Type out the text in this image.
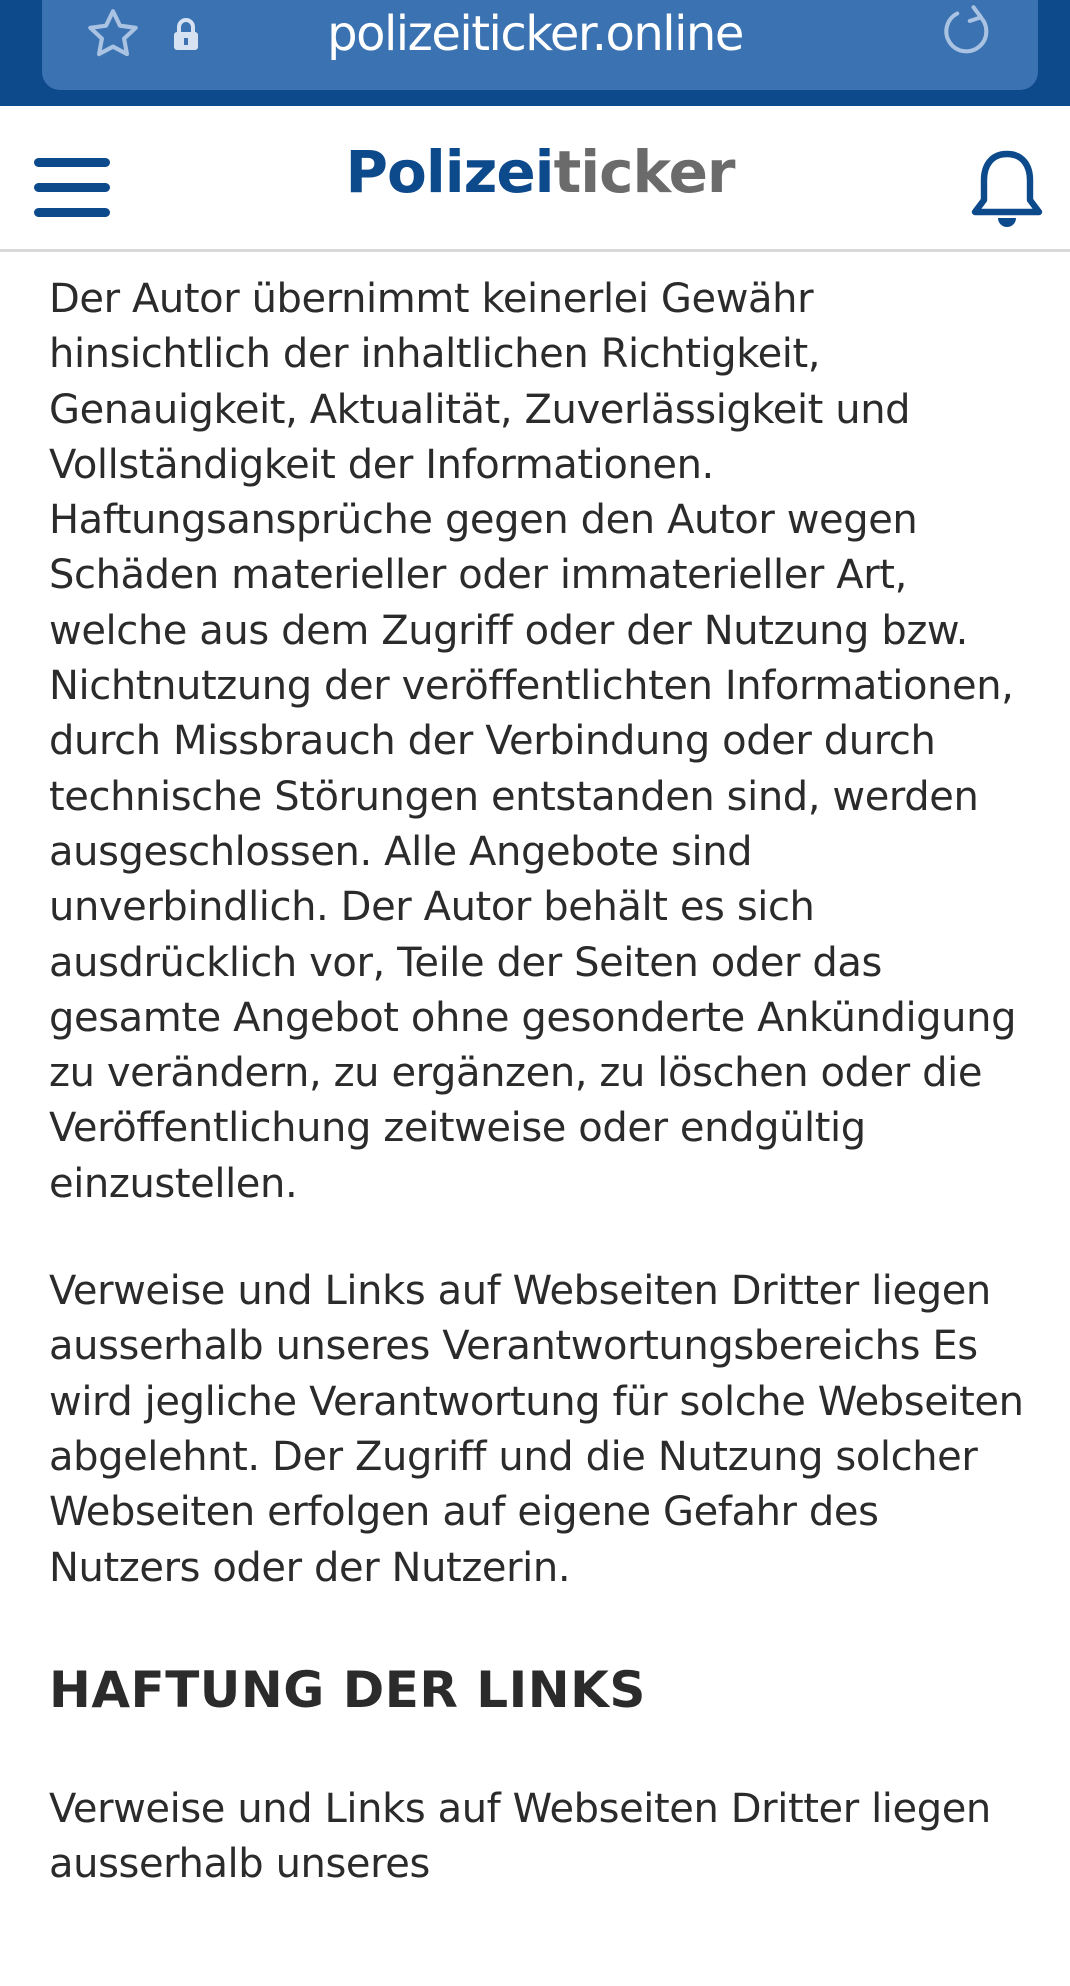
polizeiticker.online
Polizeiticker

Der Autor übernimmt keinerlei Gewähr hinsichtlich der inhaltlichen Richtigkeit, Genauigkeit, Aktualität, Zuverlässigkeit und Vollständigkeit der Informationen. Haftungsansprüche gegen den Autor wegen Schäden materieller oder immaterieller Art, welche aus dem Zugriff oder der Nutzung bzw. Nichtnutzung der veröffentlichten Informationen, durch Missbrauch der Verbindung oder durch technische Störungen entstanden sind, werden ausgeschlossen. Alle Angebote sind unverbindlich. Der Autor behält es sich ausdrücklich vor, Teile der Seiten oder das gesamte Angebot ohne gesonderte Ankündigung zu verändern, zu ergänzen, zu löschen oder die Veröffentlichung zeitweise oder endgültig einzustellen.

Verweise und Links auf Webseiten Dritter liegen ausserhalb unseres Verantwortungsbereichs Es wird jegliche Verantwortung für solche Webseiten abgelehnt. Der Zugriff und die Nutzung solcher Webseiten erfolgen auf eigene Gefahr des Nutzers oder der Nutzerin.

HAFTUNG DER LINKS

Verweise und Links auf Webseiten Dritter liegen ausserhalb unseres
